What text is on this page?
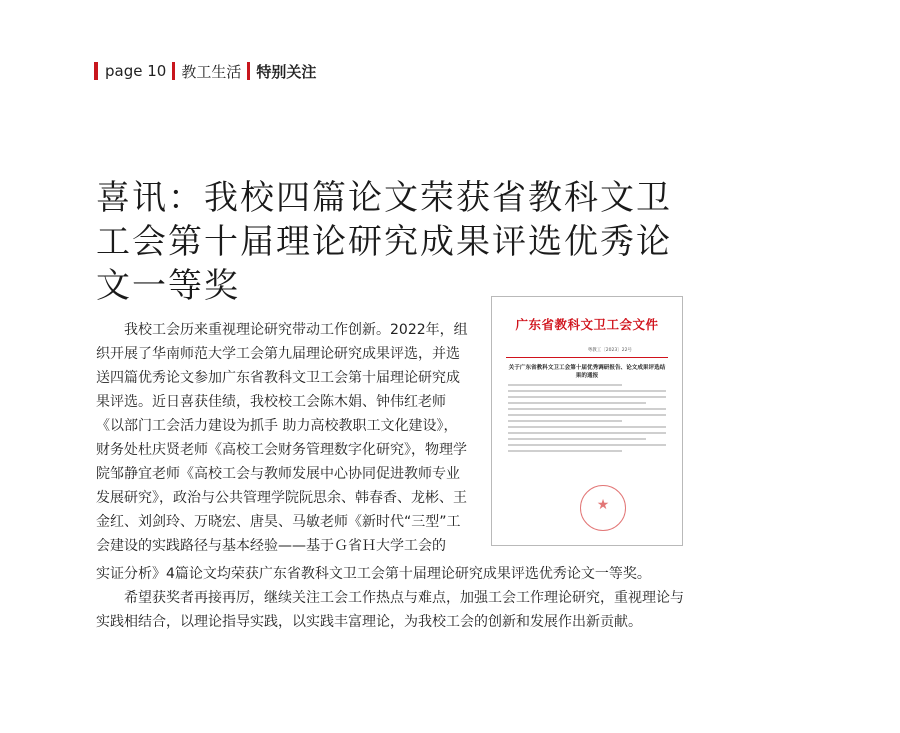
page 10 教工生活 特别关注
喜讯：我校四篇论文荣获省教科文卫工会第十届理论研究成果评选优秀论文一等奖

我校工会历来重视理论研究带动工作创新。2022年，组织开展了华南师范大学工会第九届理论研究成果评选，并选送四篇优秀论文参加广东省教科文卫工会第十届理论研究成果评选。近日喜获佳绩，我校校工会陈木娟、钟伟红老师《以部门工会活力建设为抓手 助力高校教职工文化建设》，财务处杜庆贤老师《高校工会财务管理数字化研究》，物理学院邹静宜老师《高校工会与教师发展中心协同促进教师专业发展研究》，政治与公共管理学院阮思余、韩春香、龙彬、王金红、刘剑玲、万晓宏、唐昊、马敏老师《新时代“三型”工会建设的实践路径与基本经验——基于Ｇ省Ｈ大学工会的

实证分析》4篇论文均荣获广东省教科文卫工会第十届理论研究成果评选优秀论文一等奖。

希望获奖者再接再厉，继续关注工会工作热点与难点，加强工会工作理论研究，重视理论与实践相结合，以理论指导实践，以实践丰富理论，为我校工会的创新和发展作出新贡献。

广东省教科文卫工会文件
粤教工〔2023〕22号
关于广东省教科文卫工会第十届优秀调研报告、论文成果评选结果的通报
★
